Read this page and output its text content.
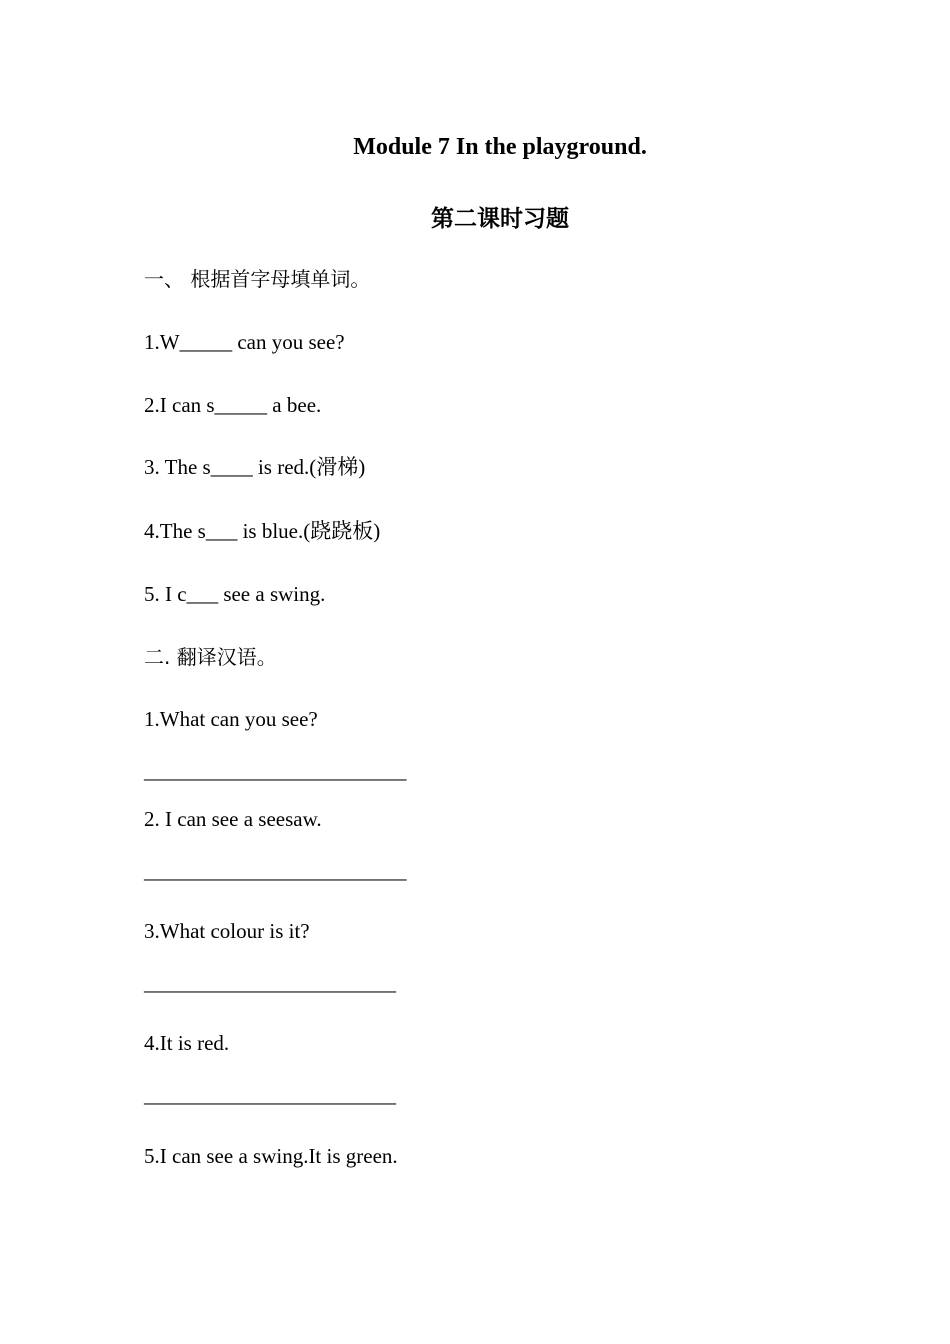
Module 7 In the playground.
第二课时习题

一、 根据首字母填单词。

1.W_____ can you see?

2.I can s_____ a bee.

3. The s____ is red.(滑梯)

4.The s___ is blue.(跷跷板)

5. I c___ see a swing.

二. 翻译汉语。

1.What can you see?

_________________________

2. I can see a seesaw.

_________________________

3.What colour is it?

________________________

4.It is red.

________________________

5.I can see a swing.It is green.
